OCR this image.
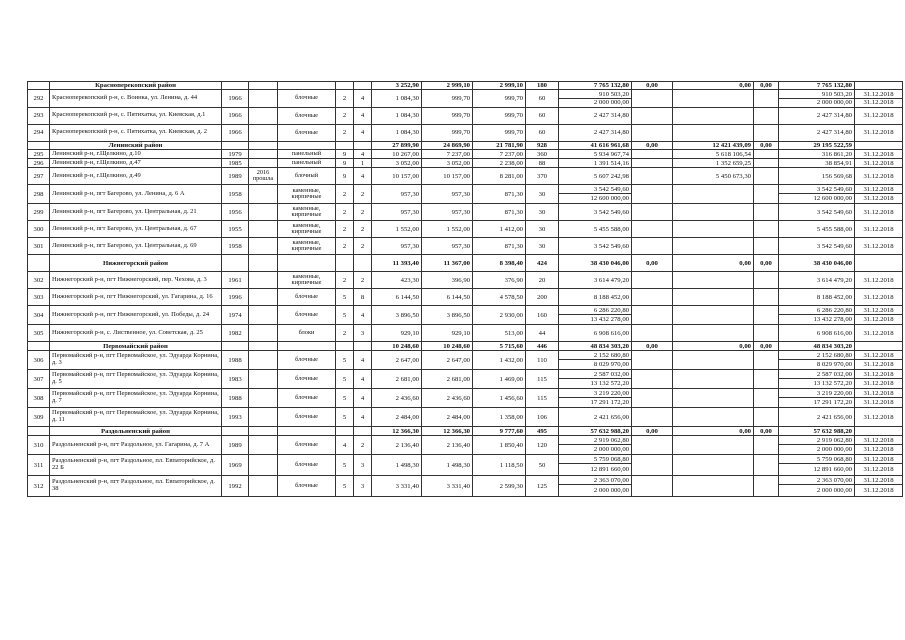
	Красноперекопский район						3 252,90	2 999,10	2 999,10	180	7 765 132,80	0,00	0,00	0,00	7 765 132,80	
292	Красноперекопский р-н, с. Воинка, ул. Ленина, д. 44	1966		блочные	2	4	1 084,30	999,70	999,70	60	910 503,20				910 503,20	31.12.2018
											2 000 000,00				2 000 000,00	31.12.2018
293	Красноперекопский р-н, с. Пятихатка, ул. Киевская, д.1	1966		блочные	2	4	1 084,30	999,70	999,70	60	2 427 314,80				2 427 314,80	31.12.2018
294	Красноперекопский р-н, с. Пятихатка, ул. Киевская, д. 2	1966		блочные	2	4	1 084,30	999,70	999,70	60	2 427 314,80				2 427 314,80	31.12.2018
	Ленинский район						27 899,90	24 869,90	21 781,90	928	41 616 961,68	0,00	12 421 439,09	0,00	29 195 522,59	
295	Ленинский р-н, г.Щелкино, д.10	1979		панельный	9	4	10 267,00	7 237,00	7 237,00	360	5 934 967,74		5 618 106,54		316 861,20	31.12.2018
296	Ленинский р-н, г.Щелкино, д.47	1985		панельный	9	1	3 052,00	3 052,00	2 238,00	88	1 391 514,16		1 352 659,25		38 854,91	31.12.2018
297	Ленинский р-н, г.Щелкино, д.49	1989	2016 прошла	блочный	9	4	10 157,00	10 157,00	8 281,00	370	5 607 242,98		5 450 673,30		156 569,68	31.12.2018
298	Ленинский р-н, пгт Багерово, ул. Ленина, д. 6 А	1958		каменные, кирпичные	2	2	957,30	957,30	871,30	30	3 542 549,60				3 542 549,60	31.12.2018
											12 600 000,00				12 600 000,00	31.12.2018
299	Ленинский р-н, пгт Багерово, ул. Центральная, д. 21	1956		каменные, кирпичные	2	2	957,30	957,30	871,30	30	3 542 549,60				3 542 549,60	31.12.2018
300	Ленинский р-н, пгт Багерово, ул. Центральная, д. 67	1955		каменные, кирпичные	2	2	1 552,00	1 552,00	1 412,00	30	5 455 588,00				5 455 588,00	31.12.2018
301	Ленинский р-н, пгт Багерово, ул. Центральная, д. 69	1958		каменные, кирпичные	2	2	957,30	957,30	871,30	30	3 542 549,60				3 542 549,60	31.12.2018
	Нижнегорский район						11 393,40	11 367,00	8 398,40	424	38 430 046,00	0,00	0,00	0,00	38 430 046,00	
302	Нижнегорский р-н, пгт Нижнегорский, пер. Чехова, д. 3	1961		каменные, кирпичные	2	2	423,30	396,90	376,90	20	3 614 479,20				3 614 479,20	31.12.2018
303	Нижнегорский р-н, пгт Нижнегорский, ул. Гагарина, д. 16	1996		блочные	5	8	6 144,50	6 144,50	4 578,50	200	8 188 452,00				8 188 452,00	31.12.2018
304	Нижнегорский р-н, пгт Нижнегорский, ул. Победы, д. 24	1974		блочные	5	4	3 896,50	3 896,50	2 930,00	160	6 286 220,80				6 286 220,80	31.12.2018
											13 432 278,00				13 432 278,00	31.12.2018
305	Нижнегорский р-н, с. Лиственное, ул. Советская, д. 25	1982		блоки	2	3	929,10	929,10	513,00	44	6 908 616,00				6 908 616,00	31.12.2018
	Первомайский район						10 248,60	10 248,60	5 715,60	446	48 834 303,20	0,00	0,00	0,00	48 834 303,20	
306	Первомайский р-н, пгт Первомайское, ул. Эдуарда Корнина, д. 3	1988		блочные	5	4	2 647,00	2 647,00	1 432,00	110	2 152 680,80				2 152 680,80	31.12.2018
											8 029 970,00				8 029 970,00	31.12.2018
307	Первомайский р-н, пгт Первомайское, ул. Эдуарда Корнина, д. 5	1983		блочные	5	4	2 681,00	2 681,00	1 469,00	115	2 587 032,00				2 587 032,00	31.12.2018
											13 132 572,20				13 132 572,20	31.12.2018
308	Первомайский р-н, пгт Первомайское, ул. Эдуарда Корнина, д. 7	1988		блочные	5	4	2 436,60	2 436,60	1 456,60	115	3 219 220,00				3 219 220,00	31.12.2018
											17 291 172,20				17 291 172,20	31.12.2018
309	Первомайский р-н, пгт Первомайское, ул. Эдуарда Корнина, д. 11	1993		блочные	5	4	2 484,00	2 484,00	1 358,00	106	2 421 656,00				2 421 656,00	31.12.2018
	Раздольненский район						12 366,30	12 366,30	9 777,60	495	57 632 988,20	0,00	0,00	0,00	57 632 988,20	
310	Раздольненский р-н, пгт Раздольное, ул. Гагарина, д. 7 А	1989		блочные	4	2	2 136,40	2 136,40	1 850,40	120	2 919 062,80				2 919 062,80	31.12.2018
											2 000 000,00				2 000 000,00	31.12.2018
311	Раздольненский р-н, пгт Раздольное, пл. Евпаторийское, д. 22 Б	1969		блочные	5	3	1 498,30	1 498,30	1 118,50	50	5 759 068,80				5 759 068,80	31.12.2018
											12 891 660,00				12 891 660,00	31.12.2018
312	Раздольненский р-н, пгт Раздольное, пл. Евпаторийское, д. 38	1992		блочные	5	3	3 331,40	3 331,40	2 599,30	125	2 363 070,00				2 363 070,00	31.12.2018
											2 000 000,00				2 000 000,00	31.12.2018
